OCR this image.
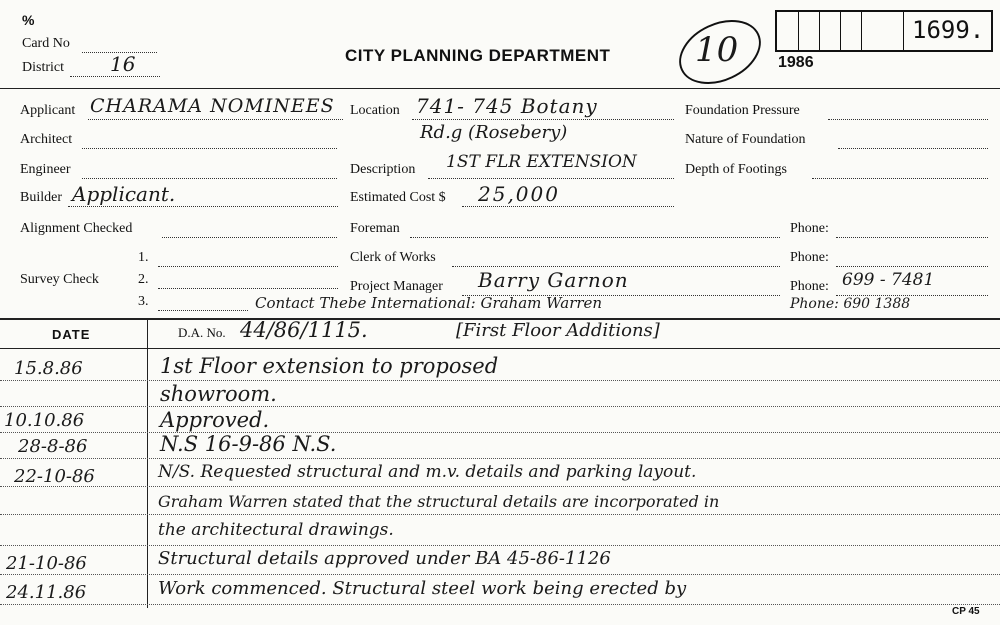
%
Card No
District 16	CITY PLANNING DEPARTMENT 10	1699.
1986
Applicant CHARAMA NOMINEES
Architect
Engineer
Builder Applicant.
Alignment Checked
Survey Check
1.
2.
3.
Location 741- 745 Botany
Rd.g (Rosebery)
Description 1ST FLR EXTENSION
Estimated Cost $ 25,000
Foreman
Clerk of Works
Project Manager Barry Garnon
Contact Thebe International: Graham Warren
Foundation Pressure
Nature of Foundation
Depth of Footings
Phone:
Phone:
Phone: 699 - 7481
Phone: 690 1388
DATE	D.A. No. 44/86/1115.	[First Floor Additions]
15.8.86	1st Floor extension to proposed
showroom.
10.10.86	Approved.
28-8-86	N.S 16-9-86 N.S.
22-10-86	N/S. Requested structural and m.v. details and parking layout.
Graham Warren stated that the structural details are incorporated in
the architectural drawings.
21-10-86	Structural details approved under BA 45-86-1126
24.11.86	Work commenced. Structural steel work being erected by
CP 45
